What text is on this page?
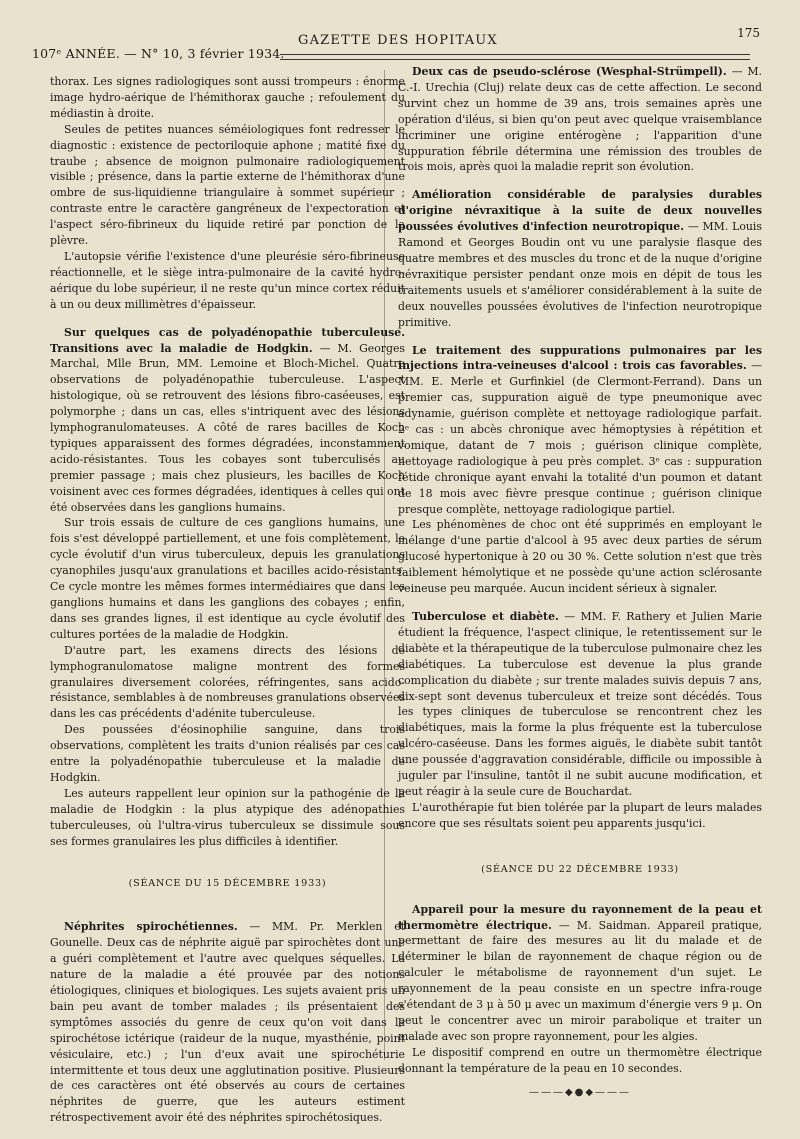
107ᵉ ANNÉE. — N° 10, 3 février 1934.
GAZETTE DES HOPITAUX	175

thorax. Les signes radiologiques sont aussi trompeurs : énorme image hydro-aérique de l'hémithorax gauche ; refoulement du médiastin à droite.

Seules de petites nuances séméiologiques font redresser le diagnostic : existence de pectoriloquie aphone ; matité fixe du traube ; absence de moignon pulmonaire radiologiquement visible ; présence, dans la partie externe de l'hémithorax d'une ombre de sus-liquidienne triangulaire à sommet supérieur ; contraste entre le caractère gangréneux de l'expectoration et l'aspect séro-fibrineux du liquide retiré par ponction de la plèvre.

L'autopsie vérifie l'existence d'une pleurésie séro-fibrineuse réactionnelle, et le siège intra-pulmonaire de la cavité hydro-aérique du lobe supérieur, il ne reste qu'un mince cortex réduit à un ou deux millimètres d'épaisseur.

Sur quelques cas de polyadénopathie tuberculeuse. Transitions avec la maladie de Hodgkin. — M. Georges Marchal, Mlle Brun, MM. Lemoine et Bloch-Michel. Quatre observations de polyadénopathie tuberculeuse. L'aspect histologique, où se retrouvent des lésions fibro-caséeuses, est polymorphe ; dans un cas, elles s'intriquent avec des lésions lymphogranulomateuses. A côté de rares bacilles de Koch typiques apparaissent des formes dégradées, inconstamment acido-résistantes. Tous les cobayes sont tuberculisés au premier passage ; mais chez plusieurs, les bacilles de Koch voisinent avec ces formes dégradées, identiques à celles qui ont été observées dans les ganglions humains.

Sur trois essais de culture de ces ganglions humains, une fois s'est développé partiellement, et une fois complètement, le cycle évolutif d'un virus tuberculeux, depuis les granulations cyanophiles jusqu'aux granulations et bacilles acido-résistants. Ce cycle montre les mêmes formes intermédiaires que dans les ganglions humains et dans les ganglions des cobayes ; enfin, dans ses grandes lignes, il est identique au cycle évolutif des cultures portées de la maladie de Hodgkin.

D'autre part, les examens directs des lésions de lymphogranulomatose maligne montrent des formes granulaires diversement colorées, réfringentes, sans acido-résistance, semblables à de nombreuses granulations observées dans les cas précédents d'adénite tuberculeuse.

Des poussées d'éosinophilie sanguine, dans trois observations, complètent les traits d'union réalisés par ces cas entre la polyadénopathie tuberculeuse et la maladie de Hodgkin.

Les auteurs rappellent leur opinion sur la pathogénie de la maladie de Hodgkin : la plus atypique des adénopathies tuberculeuses, où l'ultra-virus tuberculeux se dissimule sous ses formes granulaires les plus difficiles à identifier.

(SÉANCE DU 15 DÉCEMBRE 1933)

Néphrites spirochétiennes. — MM. Pr. Merklen et Gounelle. Deux cas de néphrite aiguë par spirochètes dont une a guéri complètement et l'autre avec quelques séquelles. La nature de la maladie a été prouvée par des notions étiologiques, cliniques et biologiques. Les sujets avaient pris un bain peu avant de tomber malades ; ils présentaient des symptômes associés du genre de ceux qu'on voit dans la spirochétose ictérique (raideur de la nuque, myasthénie, point vésiculaire, etc.) ; l'un d'eux avait une spirochéturie intermittente et tous deux une agglutination positive. Plusieurs de ces caractères ont été observés au cours de certaines néphrites de guerre, que les auteurs estiment rétrospectivement avoir été des néphrites spirochétosiques.

Deux cas de pseudo-sclérose (Wesphal-Strümpell). — M. C.-I. Urechia (Cluj) relate deux cas de cette affection. Le second survint chez un homme de 39 ans, trois semaines après une opération d'iléus, si bien qu'on peut avec quelque vraisemblance incriminer une origine entérogène ; l'apparition d'une suppuration fébrile détermina une rémission des troubles de trois mois, après quoi la maladie reprit son évolution.

Amélioration considérable de paralysies durables d'origine névraxitique à la suite de deux nouvelles poussées évolutives d'infection neurotropique. — MM. Louis Ramond et Georges Boudin ont vu une paralysie flasque des quatre membres et des muscles du tronc et de la nuque d'origine névraxitique persister pendant onze mois en dépit de tous les traitements usuels et s'améliorer considérablement à la suite de deux nouvelles poussées évolutives de l'infection neurotropique primitive.

Le traitement des suppurations pulmonaires par les injections intra-veineuses d'alcool : trois cas favorables. — MM. E. Merle et Gurfinkiel (de Clermont-Ferrand). Dans un premier cas, suppuration aiguë de type pneumonique avec adynamie, guérison complète et nettoyage radiologique parfait. 2ᵉ cas : un abcès chronique avec hémoptysies à répétition et vomique, datant de 7 mois ; guérison clinique complète, nettoyage radiologique à peu près complet. 3ᵉ cas : suppuration fétide chronique ayant envahi la totalité d'un poumon et datant de 18 mois avec fièvre presque continue ; guérison clinique presque complète, nettoyage radiologique partiel.

Les phénomènes de choc ont été supprimés en employant le mélange d'une partie d'alcool à 95 avec deux parties de sérum glucosé hypertonique à 20 ou 30 %. Cette solution n'est que très faiblement hémolytique et ne possède qu'une action sclérosante veineuse peu marquée. Aucun incident sérieux à signaler.

Tuberculose et diabète. — MM. F. Rathery et Julien Marie étudient la fréquence, l'aspect clinique, le retentissement sur le diabète et la thérapeutique de la tuberculose pulmonaire chez les diabétiques. La tuberculose est devenue la plus grande complication du diabète ; sur trente malades suivis depuis 7 ans, dix-sept sont devenus tuberculeux et treize sont décédés. Tous les types cliniques de tuberculose se rencontrent chez les diabétiques, mais la forme la plus fréquente est la tuberculose ulcéro-caséeuse. Dans les formes aiguës, le diabète subit tantôt une poussée d'aggravation considérable, difficile ou impossible à juguler par l'insuline, tantôt il ne subit aucune modification, et peut réagir à la seule cure de Bouchardat.

L'aurothérapie fut bien tolérée par la plupart de leurs malades encore que ses résultats soient peu apparents jusqu'ici.

(SÉANCE DU 22 DÉCEMBRE 1933)

Appareil pour la mesure du rayonnement de la peau et thermomètre électrique. — M. Saidman. Appareil pratique, permettant de faire des mesures au lit du malade et de déterminer le bilan de rayonnement de chaque région ou de calculer le métabolisme de rayonnement d'un sujet. Le rayonnement de la peau consiste en un spectre infra-rouge s'étendant de 3 μ à 50 μ avec un maximum d'énergie vers 9 μ. On peut le concentrer avec un miroir parabolique et traiter un malade avec son propre rayonnement, pour les algies.

Le dispositif comprend en outre un thermomètre électrique donnant la température de la peau en 10 secondes.

———◆●◆———
